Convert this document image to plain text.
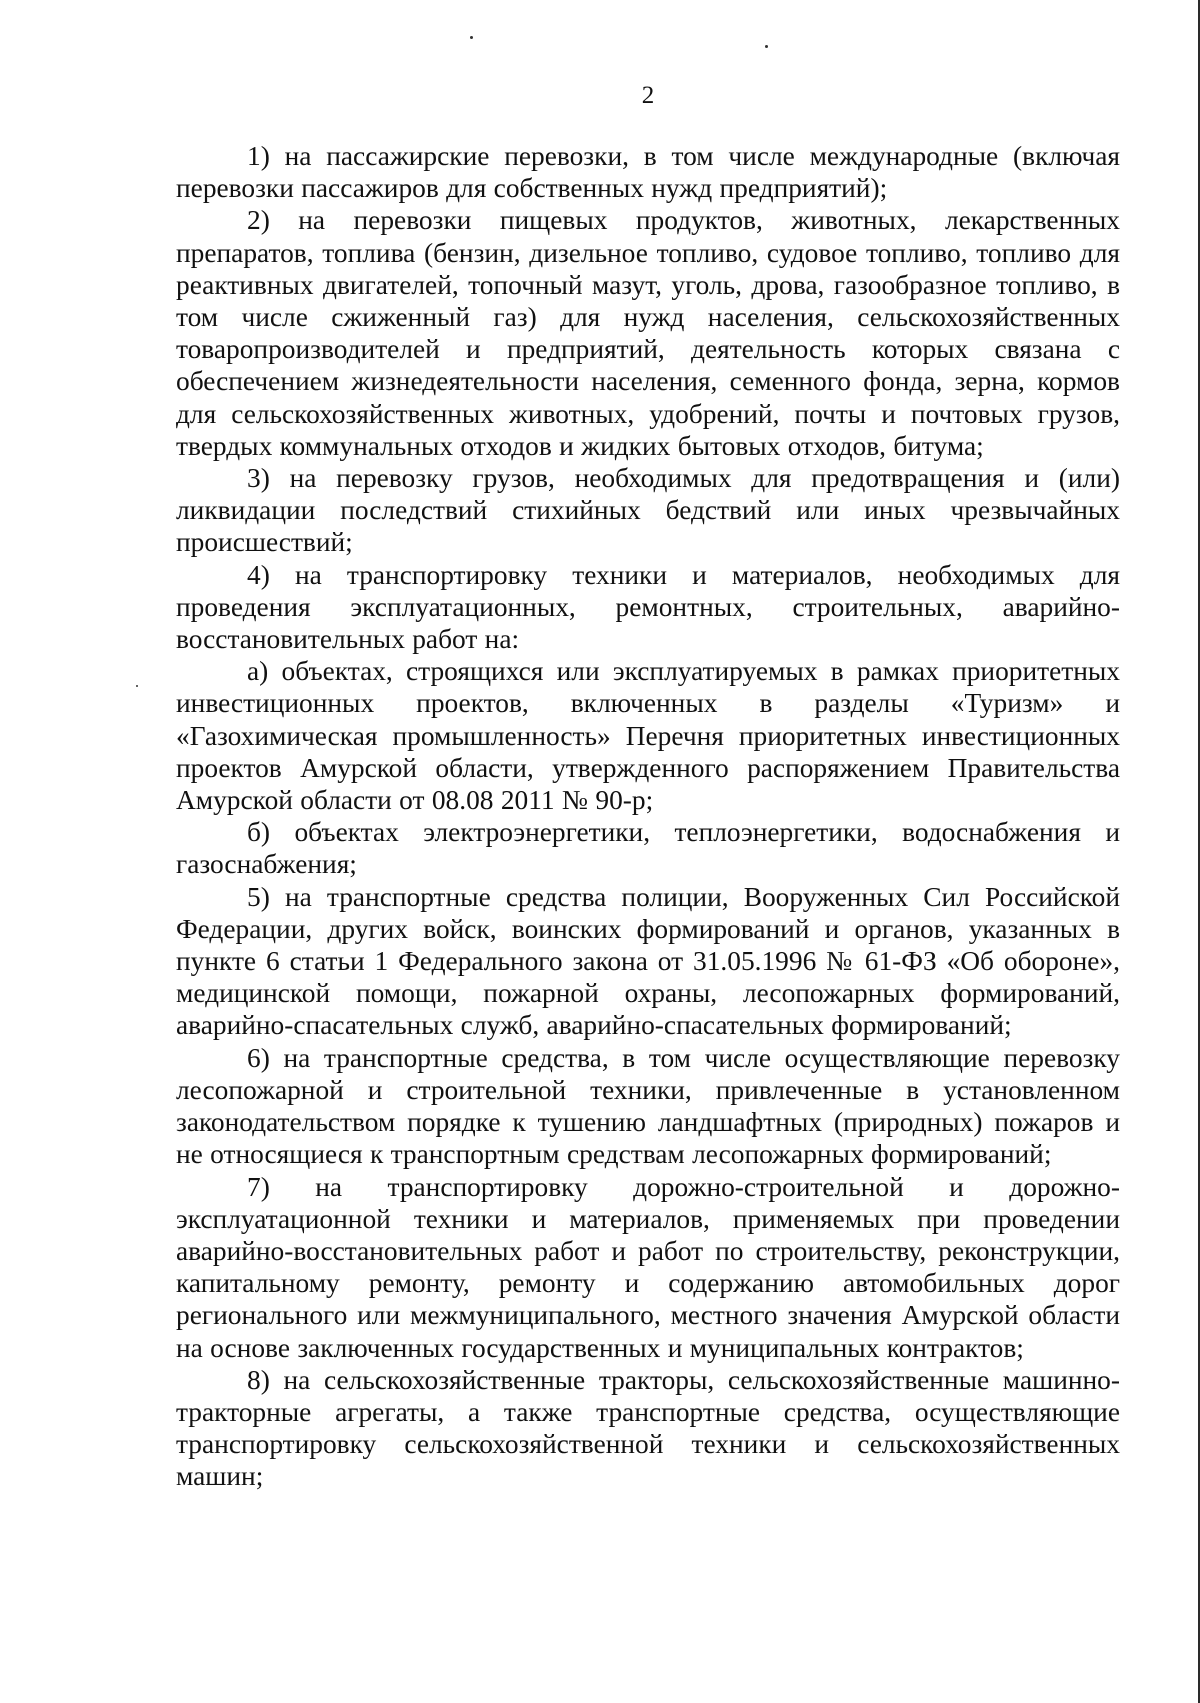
2

1) на пассажирские перевозки, в том числе международные (включая перевозки пассажиров для собственных нужд предприятий);

2) на перевозки пищевых продуктов, животных, лекарственных препаратов, топлива (бензин, дизельное топливо, судовое топливо, топливо для реактивных двигателей, топочный мазут, уголь, дрова, газообразное топливо, в том числе сжиженный газ) для нужд населения, сельскохозяйственных товаропроизводителей и предприятий, деятельность которых связана с обеспечением жизнедеятельности населения, семенного фонда, зерна, кормов для сельскохозяйственных животных, удобрений, почты и почтовых грузов, твердых коммунальных отходов и жидких бытовых отходов, битума;

3) на перевозку грузов, необходимых для предотвращения и (или) ликвидации последствий стихийных бедствий или иных чрезвычайных происшествий;

4) на транспортировку техники и материалов, необходимых для проведения эксплуатационных, ремонтных, строительных, аварийно-восстановительных работ на:

а) объектах, строящихся или эксплуатируемых в рамках приоритетных инвестиционных проектов, включенных в разделы «Туризм» и «Газохимическая промышленность» Перечня приоритетных инвестиционных проектов Амурской области, утвержденного распоряжением Правительства Амурской области от 08.08 2011 № 90-р;

б) объектах электроэнергетики, теплоэнергетики, водоснабжения и газоснабжения;

5) на транспортные средства полиции, Вооруженных Сил Российской Федерации, других войск, воинских формирований и органов, указанных в пункте 6 статьи 1 Федерального закона от 31.05.1996 № 61-ФЗ «Об обороне», медицинской помощи, пожарной охраны, лесопожарных формирований, аварийно-спасательных служб, аварийно-спасательных формирований;

6) на транспортные средства, в том числе осуществляющие перевозку лесопожарной и строительной техники, привлеченные в установленном законодательством порядке к тушению ландшафтных (природных) пожаров и не относящиеся к транспортным средствам лесопожарных формирований;

7) на транспортировку дорожно-строительной и дорожно-эксплуатационной техники и материалов, применяемых при проведении аварийно-восстановительных работ и работ по строительству, реконструкции, капитальному ремонту, ремонту и содержанию автомобильных дорог регионального или межмуниципального, местного значения Амурской области на основе заключенных государственных и муниципальных контрактов;

8) на сельскохозяйственные тракторы, сельскохозяйственные машинно-тракторные агрегаты, а также транспортные средства, осуществляющие транспортировку сельскохозяйственной техники и сельскохозяйственных машин;
